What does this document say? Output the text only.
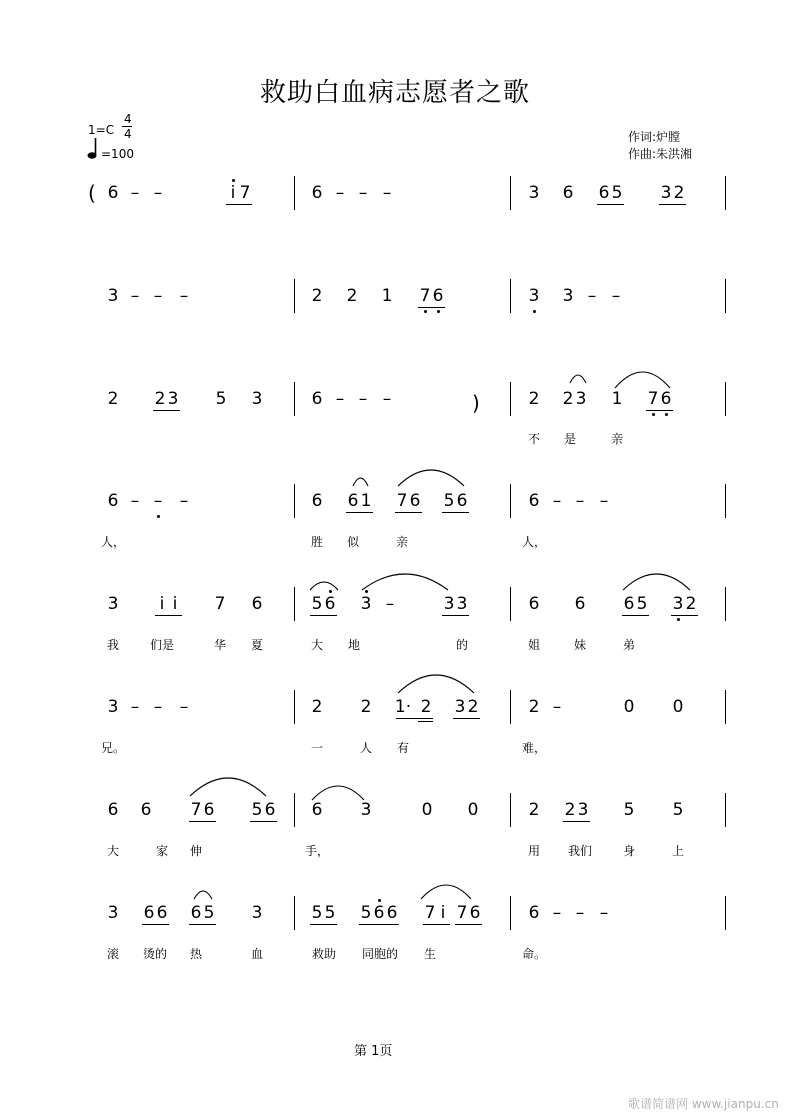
救助白血病志愿者之歌
1=C
4
4
=100
作词:炉膛
作曲:朱洪湘
6 – –	i 7	6 – – –	3	6	6 5	3 2
3 – –	–	2	2	1	7 6	3	3 – –
2	2 3	5	3	6 – – –	2	2 3	1	7 6
6 – –	–	6	6 1	7 6	5 6	6 – – –
3	i i	7	6	5 6	3 –	3 3	6	6	6 5	3 2
3 – –	–	2	2	1· 2	3 2	2 –	0	0
6	6	7 6	5 6	6	3	0	0	2	2 3	5	5
3	6 6	6 5	3	5 5	5 6 6	7 i 7 6	6 – – –
(
)
不	是	亲
人，	胜	似	亲	人，
我	们是	华	夏	大	地	的	姐	妹	弟
兄。	一	人	有	难，
大	家	伸	手，	用	我们	身	上
滚	烫的	热	血	救助	同胞的	生	命。
第 1页
歌谱简谱网 www.jianpu.cn
